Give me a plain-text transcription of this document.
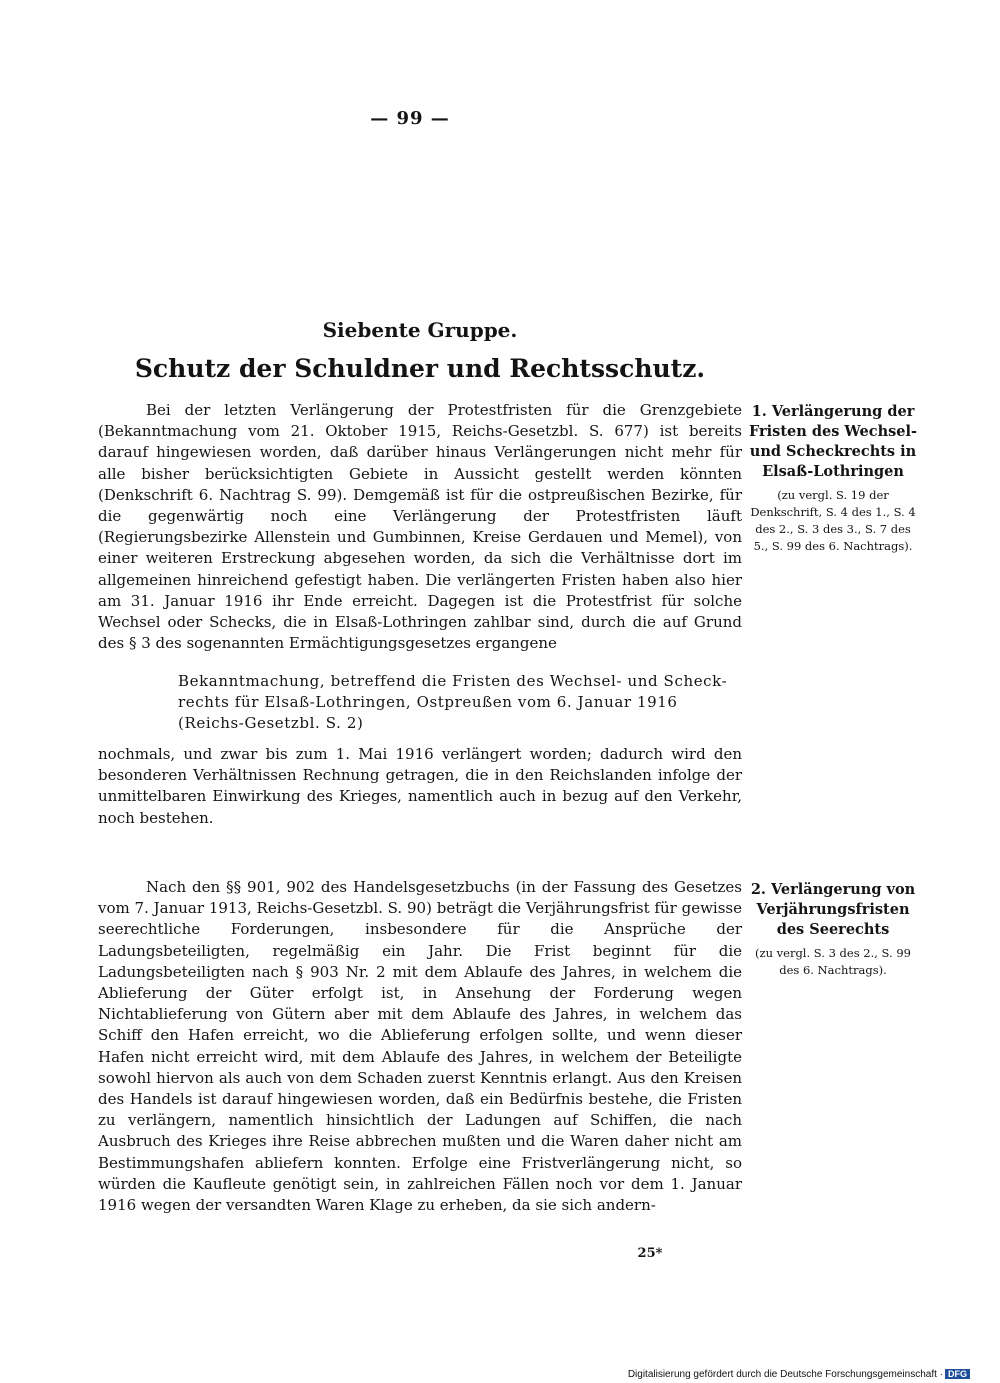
— 99 —
Siebente Gruppe.
Schutz der Schuldner und Rechtsschutz.
Bei der letzten Verlängerung der Protestfristen für die Grenzgebiete (Bekanntmachung vom 21. Oktober 1915, Reichs-Gesetzbl. S. 677) ist bereits darauf hingewiesen worden, daß darüber hinaus Verlängerungen nicht mehr für alle bisher berücksichtigten Gebiete in Aussicht gestellt werden könnten (Denkschrift 6. Nachtrag S. 99). Demgemäß ist für die ostpreußischen Bezirke, für die gegenwärtig noch eine Verlängerung der Protestfristen läuft (Regierungsbezirke Allenstein und Gumbinnen, Kreise Gerdauen und Memel), von einer weiteren Erstreckung abgesehen worden, da sich die Verhältnisse dort im allgemeinen hinreichend gefestigt haben. Die verlängerten Fristen haben also hier am 31. Januar 1916 ihr Ende erreicht. Dagegen ist die Protestfrist für solche Wechsel oder Schecks, die in Elsaß-Lothringen zahlbar sind, durch die auf Grund des § 3 des sogenannten Ermächtigungsgesetzes ergangene
Bekanntmachung, betreffend die Fristen des Wechsel- und Scheck-
rechts für Elsaß-Lothringen, Ostpreußen vom 6. Januar 1916
(Reichs-Gesetzbl. S. 2)
nochmals, und zwar bis zum 1. Mai 1916 verlängert worden; dadurch wird den besonderen Verhältnissen Rechnung getragen, die in den Reichslanden infolge der unmittelbaren Einwirkung des Krieges, namentlich auch in bezug auf den Verkehr, noch bestehen.
Nach den §§ 901, 902 des Handelsgesetzbuchs (in der Fassung des Gesetzes vom 7. Januar 1913, Reichs-Gesetzbl. S. 90) beträgt die Verjährungsfrist für gewisse seerechtliche Forderungen, insbesondere für die Ansprüche der Ladungsbeteiligten, regelmäßig ein Jahr. Die Frist beginnt für die Ladungsbeteiligten nach § 903 Nr. 2 mit dem Ablaufe des Jahres, in welchem die Ablieferung der Güter erfolgt ist, in Ansehung der Forderung wegen Nichtablieferung von Gütern aber mit dem Ablaufe des Jahres, in welchem das Schiff den Hafen erreicht, wo die Ablieferung erfolgen sollte, und wenn dieser Hafen nicht erreicht wird, mit dem Ablaufe des Jahres, in welchem der Beteiligte sowohl hiervon als auch von dem Schaden zuerst Kenntnis erlangt. Aus den Kreisen des Handels ist darauf hingewiesen worden, daß ein Bedürfnis bestehe, die Fristen zu verlängern, namentlich hinsichtlich der Ladungen auf Schiffen, die nach Ausbruch des Krieges ihre Reise abbrechen mußten und die Waren daher nicht am Bestimmungshafen abliefern konnten. Erfolge eine Fristverlängerung nicht, so würden die Kaufleute genötigt sein, in zahlreichen Fällen noch vor dem 1. Januar 1916 wegen der versandten Waren Klage zu erheben, da sie sich andern-
1. Verlängerung der Fristen des Wechsel- und Scheckrechts in Elsaß-Lothringen
(zu vergl. S. 19 der Denkschrift, S. 4 des 1., S. 4 des 2., S. 3 des 3., S. 7 des 5., S. 99 des 6. Nachtrags).
2. Verlängerung von Verjährungsfristen des Seerechts
(zu vergl. S. 3 des 2., S. 99 des 6. Nachtrags).
25*
Digitalisierung gefördert durch die Deutsche Forschungsgemeinschaft · DFG
